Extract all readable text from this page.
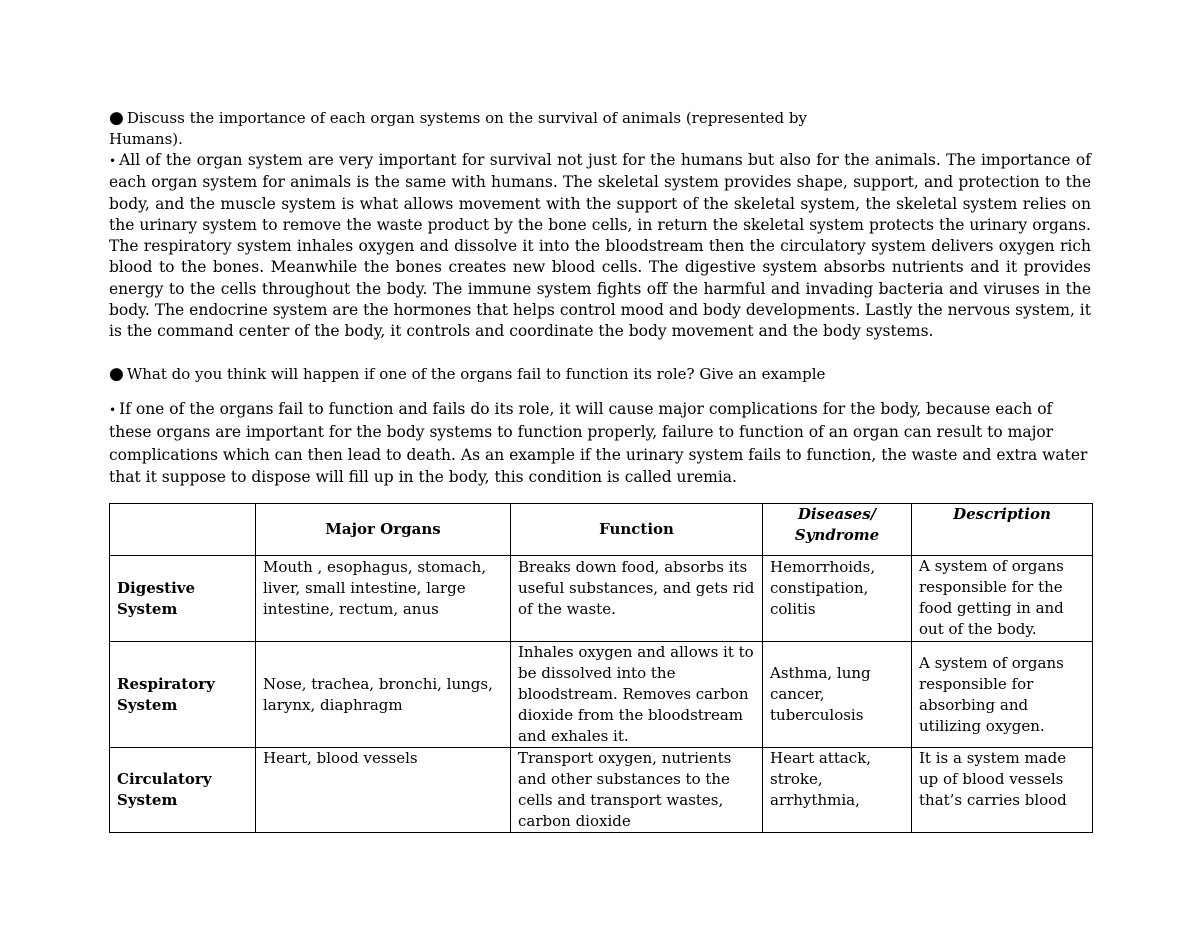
● Discuss the importance of each organ systems on the survival of animals (represented by
Humans).

• All of the organ system are very important for survival not just for the humans but also for the animals. The importance of each organ system for animals is the same with humans. The skeletal system provides shape, support, and protection to the body, and the muscle system is what allows movement with the support of the skeletal system, the skeletal system relies on the urinary system to remove the waste product by the bone cells, in return the skeletal system protects the urinary organs. The respiratory system inhales oxygen and dissolve it into the bloodstream then the circulatory system delivers oxygen rich blood to the bones. Meanwhile the bones creates new blood cells. The digestive system absorbs nutrients and it provides energy to the cells throughout the body. The immune system fights off the harmful and invading bacteria and viruses in the body. The endocrine system are the hormones that helps control mood and body developments. Lastly the nervous system, it is the command center of the body, it controls and coordinate the body movement and the body systems.

● What do you think will happen if one of the organs fail to function its role? Give an example

• If one of the organs fail to function and fails do its role, it will cause major complications for the body, because each of these organs are important for the body systems to function properly, failure to function of an organ can result to major complications which can then lead to death. As an example if the urinary system fails to function, the waste and extra water that it suppose to dispose will fill up in the body, this condition is called uremia.

	Major Organs	Function	Diseases/ Syndrome	Description
Digestive System	Mouth , esophagus, stomach, liver, small intestine, large intestine, rectum, anus	Breaks down food, absorbs its useful substances, and gets rid of the waste.	Hemorrhoids, constipation, colitis	A system of organs responsible for the food getting in and out of the body.
Respiratory System	Nose, trachea, bronchi, lungs, larynx, diaphragm	Inhales oxygen and allows it to be dissolved into the bloodstream. Removes carbon dioxide from the bloodstream and exhales it.	Asthma, lung cancer, tuberculosis	A system of organs responsible for absorbing and utilizing oxygen.
Circulatory System	Heart, blood vessels	Transport oxygen, nutrients and other substances to the cells and transport wastes, carbon dioxide	Heart attack, stroke, arrhythmia,	It is a system made up of blood vessels that’s carries blood
